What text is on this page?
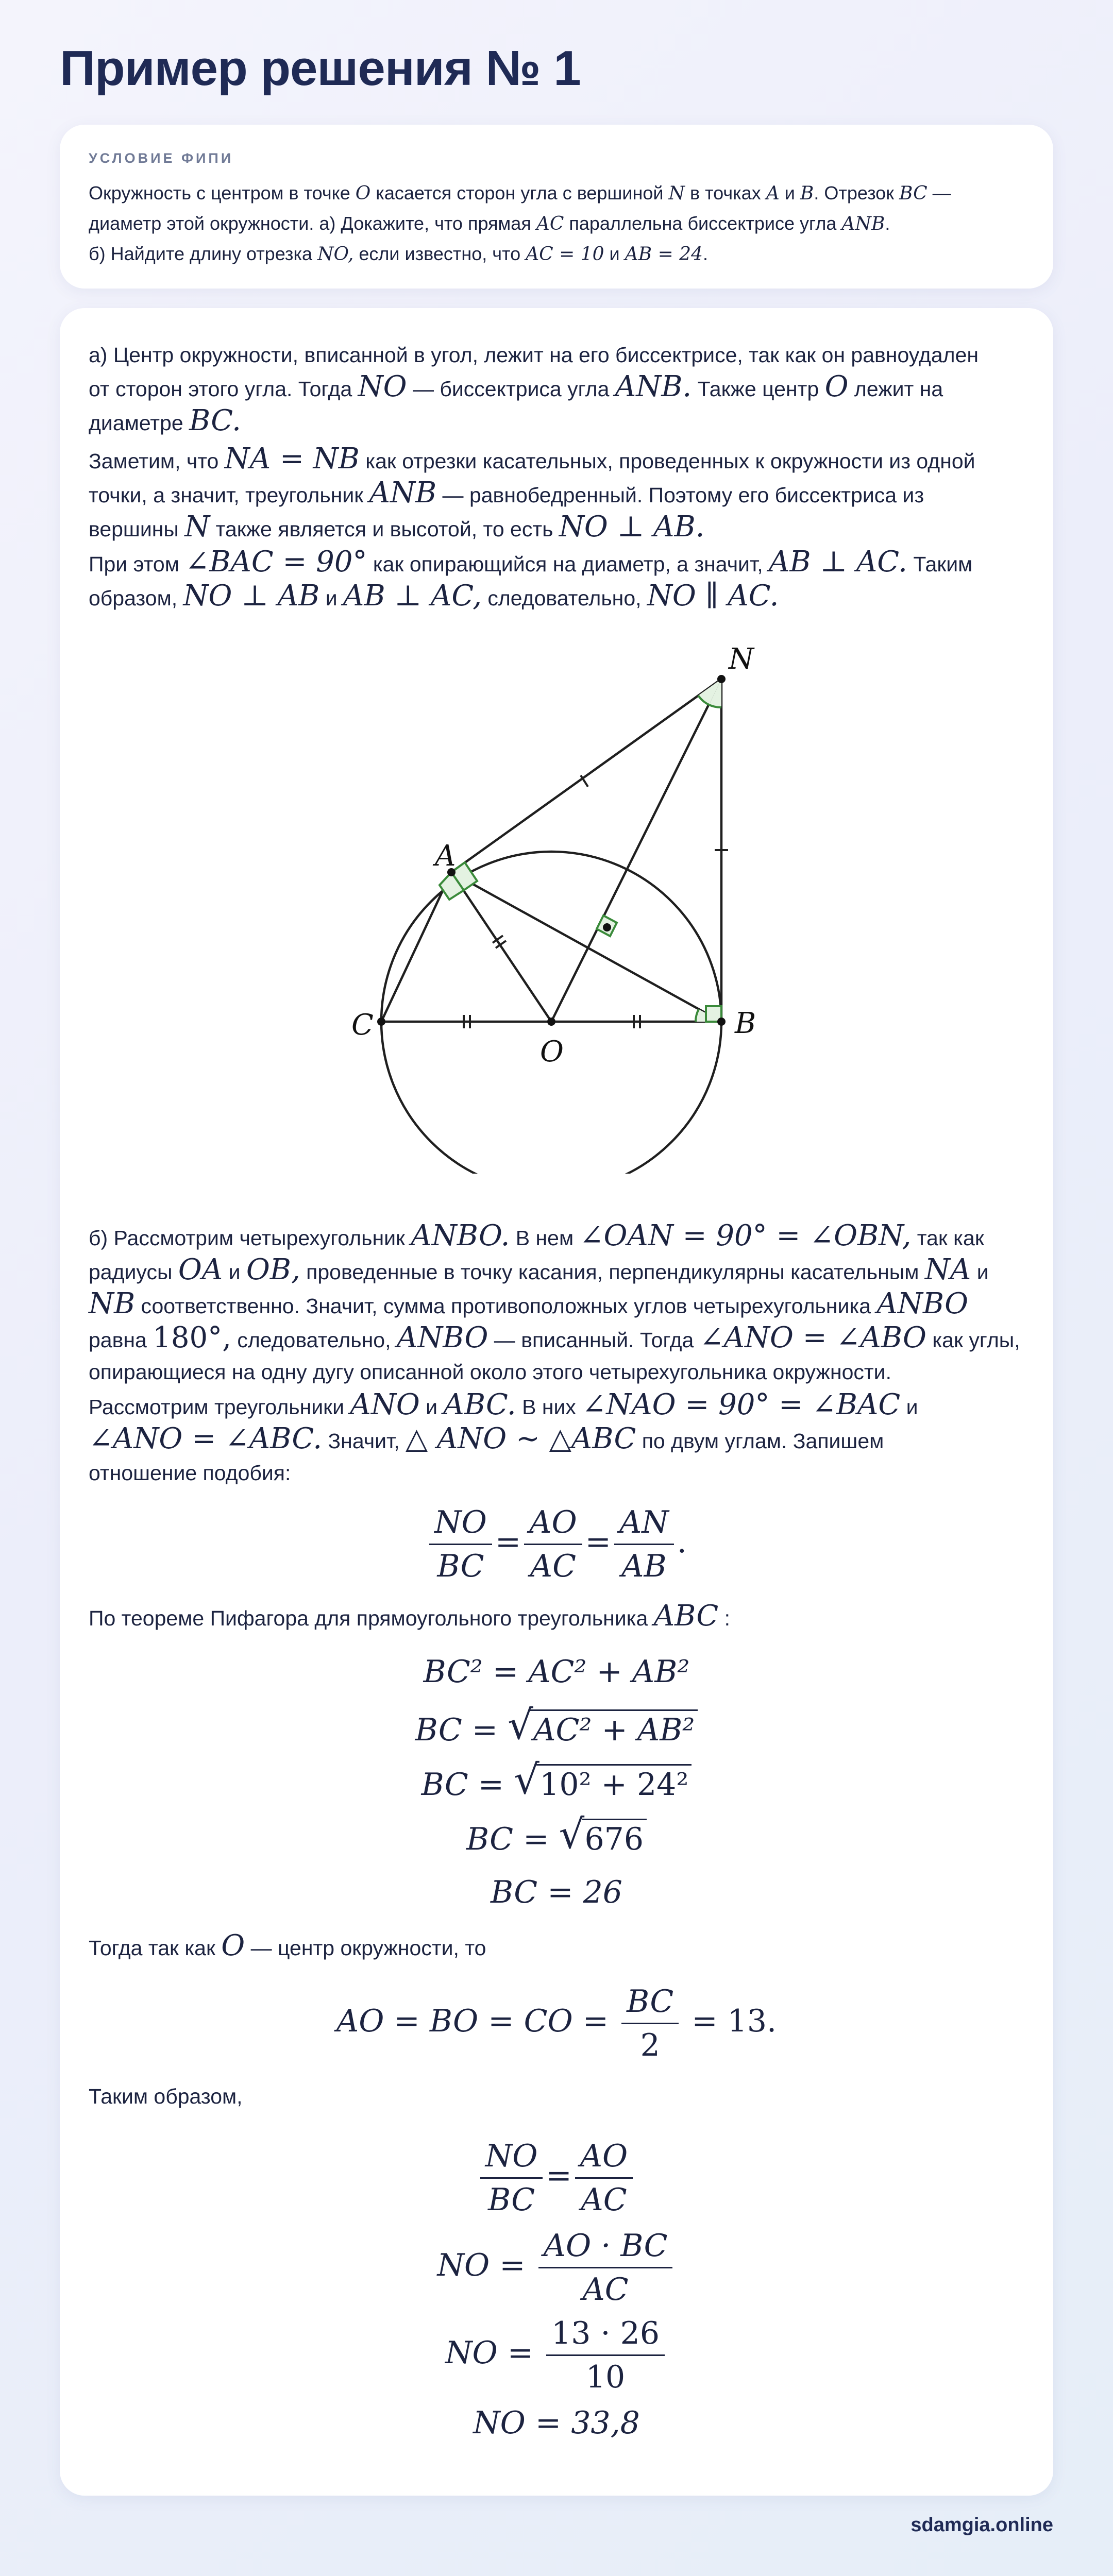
Пример решения № 1
УСЛОВИЕ ФИПИ
Окружность с центром в точке O касается сторон угла с вершиной N в точках A и B. Отрезок BC —
диаметр этой окружности. а) Докажите, что прямая AC параллельна биссектрисе угла ANB.
б) Найдите длину отрезка NO, если известно, что AC = 10 и AB = 24.
а) Центр окружности, вписанной в угол, лежит на его биссектрисе, так как он равноудален
от сторон этого угла. Тогда NO — биссектриса угла ANB. Также центр O лежит на
диаметре BC.
Заметим, что NA = NB как отрезки касательных, проведенных к окружности из одной
точки, а значит, треугольник ANB — равнобедренный. Поэтому его биссектриса из
вершины N также является и высотой, то есть NO ⊥ AB.
При этом ∠BAC = 90° как опирающийся на диаметр, а значит, AB ⊥ AC. Таким
образом, NO ⊥ AB и AB ⊥ AC, следовательно, NO ∥ AC.
N
A
C
O
B
б) Рассмотрим четырехугольник ANBO. В нем ∠OAN = 90° = ∠OBN, так как
радиусы OA и OB, проведенные в точку касания, перпендикулярны касательным NA и
NB соответственно. Значит, сумма противоположных углов четырехугольника ANBO
равна 180°, следовательно, ANBO — вписанный. Тогда ∠ANO = ∠ABO как углы,
опирающиеся на одну дугу описанной около этого четырехугольника окружности.
Рассмотрим треугольники ANO и ABC. В них ∠NAO = 90° = ∠BAC и
∠ANO = ∠ABC. Значит, △ ANO ∼ △ABC по двум углам. Запишем
отношение подобия:
$\frac{NO}{BC} = \frac{AO}{AC} = \frac{AN}{AB}$ .
По теореме Пифагора для прямоугольного треугольника ABC :
BC² = AC² + AB²
BC = √ AC² + AB²
BC = √ 10² + 24²
BC = √ 676
BC = 26
Тогда так как O — центр окружности, то
AO = BO = CO = $\frac{BC}{2} = 13$.
Таким образом,
$\frac{NO}{BC} = \frac{AO}{AC}$
NO = $\frac{AO \cdot BC}{AC}$
NO = $\frac{13 \cdot 26}{10}$
NO = 33,8
sdamgia.online
